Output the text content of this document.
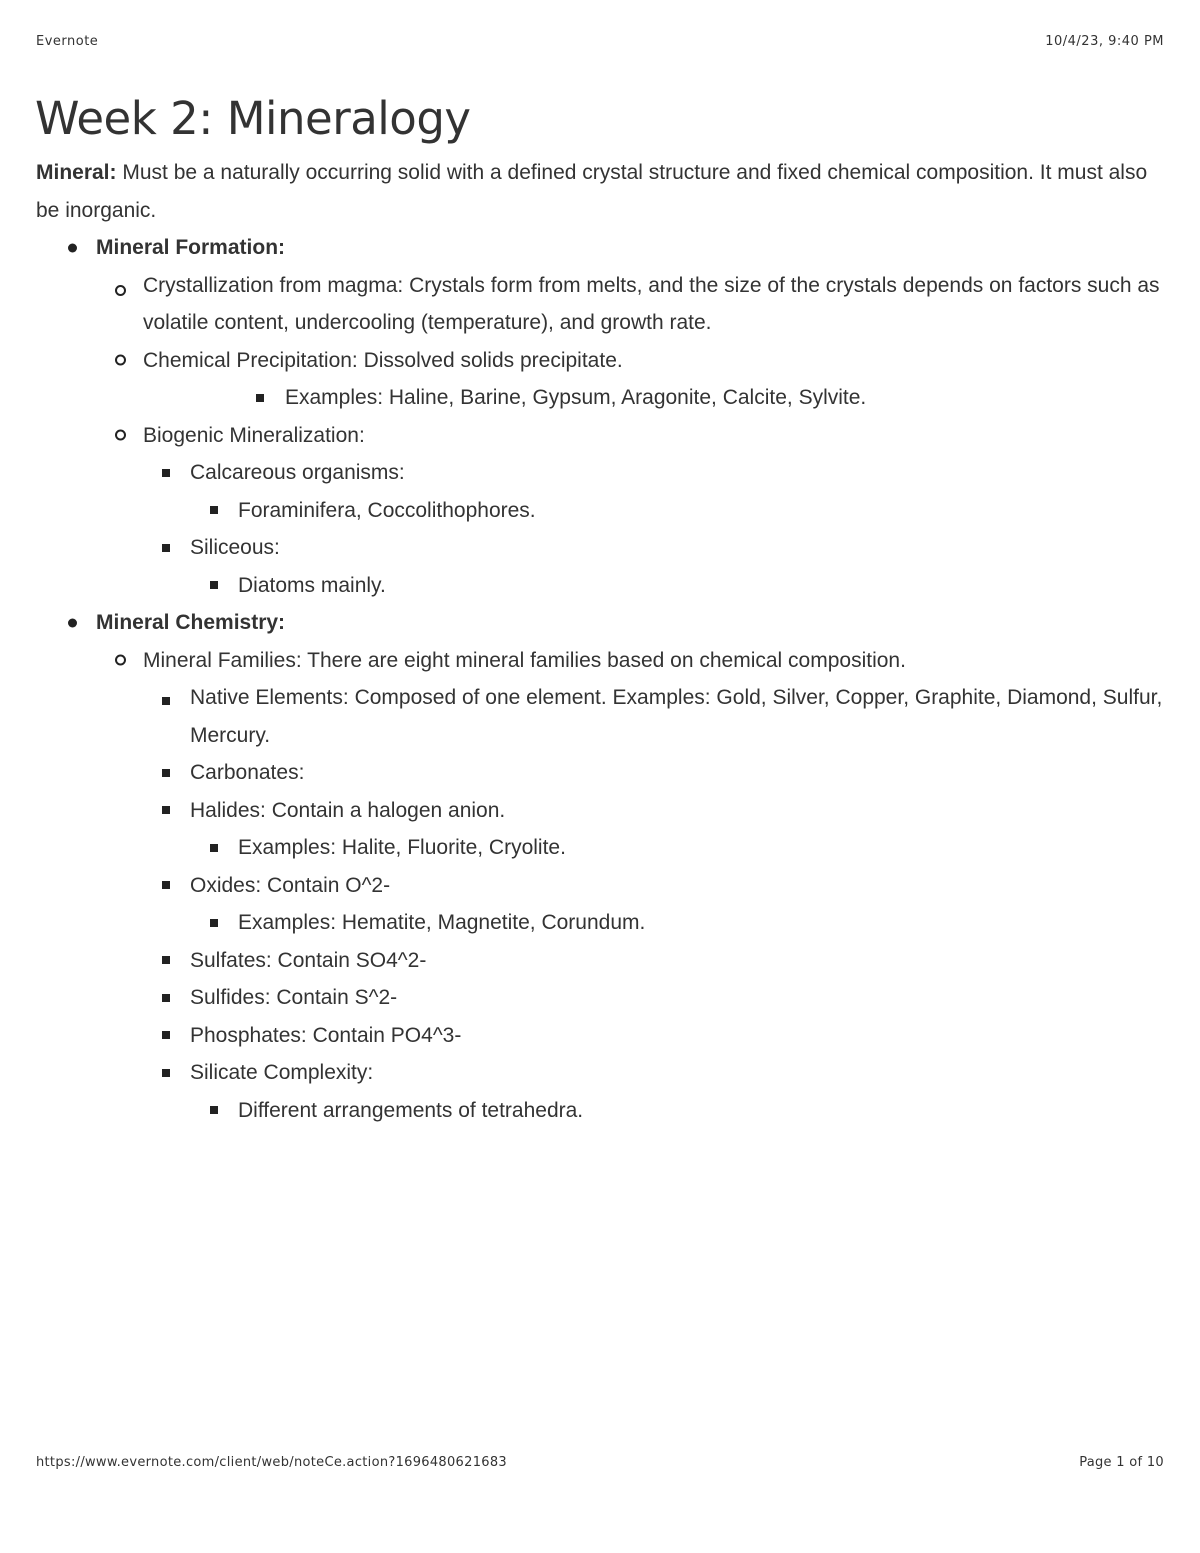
Evernote	10/4/23, 9:40 PM
Week 2: Mineralogy

Mineral: Must be a naturally occurring solid with a defined crystal structure and fixed chemical composition. It must also be inorganic.

Mineral Formation:
Crystallization from magma: Crystals form from melts, and the size of the crystals depends on factors such as volatile content, undercooling (temperature), and growth rate.
Chemical Precipitation: Dissolved solids precipitate.
Examples: Haline, Barine, Gypsum, Aragonite, Calcite, Sylvite.
Biogenic Mineralization:
Calcareous organisms:
Foraminifera, Coccolithophores.
Siliceous:
Diatoms mainly.
Mineral Chemistry:
Mineral Families: There are eight mineral families based on chemical composition.
Native Elements: Composed of one element. Examples: Gold, Silver, Copper, Graphite, Diamond, Sulfur, Mercury.
Carbonates:
Halides: Contain a halogen anion.
Examples: Halite, Fluorite, Cryolite.
Oxides: Contain O^2-
Examples: Hematite, Magnetite, Corundum.
Sulfates: Contain SO4^2-
Sulfides: Contain S^2-
Phosphates: Contain PO4^3-
Silicate Complexity:
Different arrangements of tetrahedra.
https://www.evernote.com/client/web/noteCe.action?1696480621683	Page 1 of 10
